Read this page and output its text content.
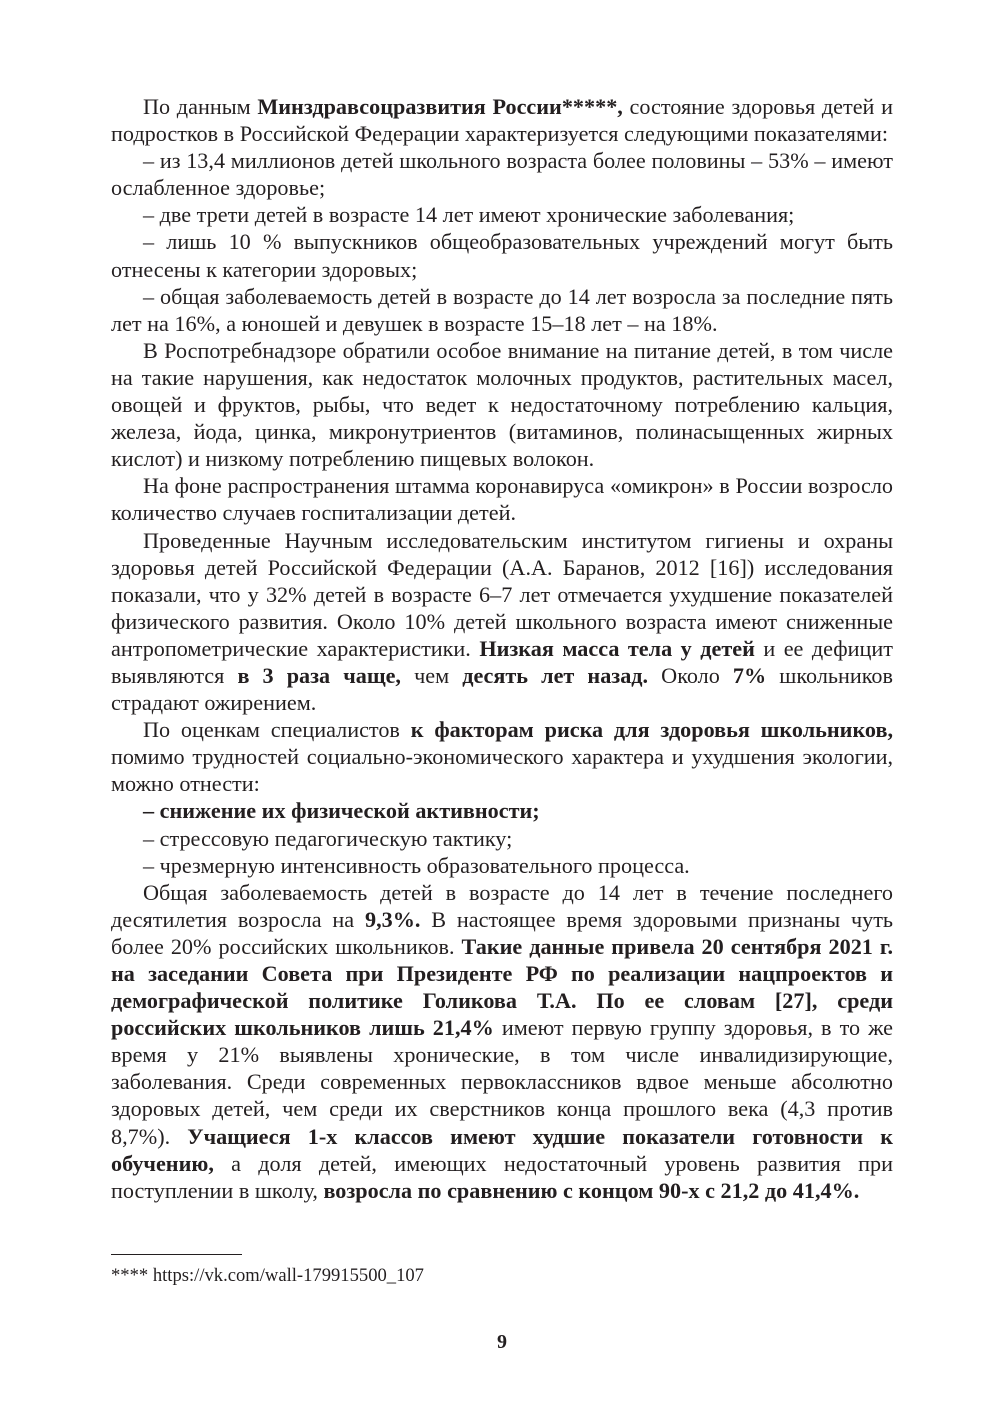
По данным Минздравсоцразвития России*****, состояние здоровья детей и подростков в Российской Федерации характеризуется следующими показателями:

– из 13,4 миллионов детей школьного возраста более половины – 53% – имеют ослабленное здоровье;

– две трети детей в возрасте 14 лет имеют хронические заболевания;

– лишь 10 % выпускников общеобразовательных учреждений могут быть отнесены к категории здоровых;

– общая заболеваемость детей в возрасте до 14 лет возросла за последние пять лет на 16%, а юношей и девушек в возрасте 15–18 лет – на 18%.

В Роспотребнадзоре обратили особое внимание на питание детей, в том числе на такие нарушения, как недостаток молочных продуктов, растительных масел, овощей и фруктов, рыбы, что ведет к недостаточному потреблению кальция, железа, йода, цинка, микронутриентов (витаминов, полинасыщенных жирных кислот) и низкому потреблению пищевых волокон.

На фоне распространения штамма коронавируса «омикрон» в России возросло количество случаев госпитализации детей.

Проведенные Научным исследовательским институтом гигиены и охраны здоровья детей Российской Федерации (А.А. Баранов, 2012 [16]) исследования показали, что у 32% детей в возрасте 6–7 лет отмечается ухудшение показателей физического развития. Около 10% детей школьного возраста имеют сниженные антропометрические характеристики. Низкая масса тела у детей и ее дефицит выявляются в 3 раза чаще, чем десять лет назад. Около 7% школьников страдают ожирением.

По оценкам специалистов к факторам риска для здоровья школьников, помимо трудностей социально-экономического характера и ухудшения экологии, можно отнести:

– снижение их физической активности;

– стрессовую педагогическую тактику;

– чрезмерную интенсивность образовательного процесса.

Общая заболеваемость детей в возрасте до 14 лет в течение последнего десятилетия возросла на 9,3%. В настоящее время здоровыми признаны чуть более 20% российских школьников. Такие данные привела 20 сентября 2021 г. на заседании Совета при Президенте РФ по реализации нацпроектов и демографической политике Голикова Т.А. По ее словам [27], среди российских школьников лишь 21,4% имеют первую группу здоровья, в то же время у 21% выявлены хронические, в том числе инвалидизирующие, заболевания. Среди современных первоклассников вдвое меньше абсолютно здоровых детей, чем среди их сверстников конца прошлого века (4,3 против 8,7%). Учащиеся 1-х классов имеют худшие показатели готовности к обучению, а доля детей, имеющих недостаточный уровень развития при поступлении в школу, возросла по сравнению с концом 90-х с 21,2 до 41,4%.

**** https://vk.com/wall-179915500_107
9
